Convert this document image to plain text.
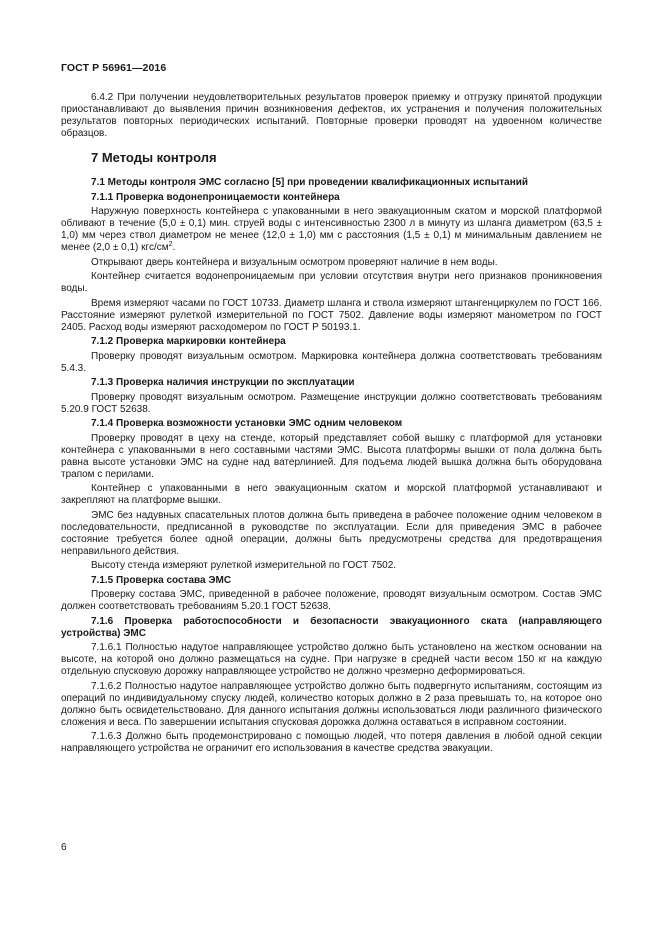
ГОСТ Р 56961—2016

6.4.2 При получении неудовлетворительных результатов проверок приемку и отгрузку принятой продукции приостанавливают до выявления причин возникновения дефектов, их устранения и получения положительных результатов повторных периодических испытаний. Повторные проверки проводят на удвоенном количестве образцов.

7 Методы контроля

7.1 Методы контроля ЭМС согласно [5] при проведении квалификационных испытаний

7.1.1 Проверка водонепроницаемости контейнера

Наружную поверхность контейнера с упакованными в него эвакуационным скатом и морской платформой обливают в течение (5,0 ± 0,1) мин. струей воды с интенсивностью 2300 л в минуту из шланга диаметром (63,5 ± 1,0) мм через ствол диаметром не менее (12,0 ± 1,0) мм с расстояния (1,5 ± 0,1) м минимальным давлением не менее (2,0 ± 0,1) кгс/$см^2$.

Открывают дверь контейнера и визуальным осмотром проверяют наличие в нем воды.

Контейнер считается водонепроницаемым при условии отсутствия внутри него признаков проникновения воды.

Время измеряют часами по ГОСТ 10733. Диаметр шланга и ствола измеряют штангенциркулем по ГОСТ 166. Расстояние измеряют рулеткой измерительной по ГОСТ 7502. Давление воды измеряют манометром по ГОСТ 2405. Расход воды измеряют расходомером по ГОСТ Р 50193.1.

7.1.2 Проверка маркировки контейнера

Проверку проводят визуальным осмотром. Маркировка контейнера должна соответствовать требованиям 5.4.3.

7.1.3 Проверка наличия инструкции по эксплуатации

Проверку проводят визуальным осмотром. Размещение инструкции должно соответствовать требованиям 5.20.9 ГОСТ 52638.

7.1.4 Проверка возможности установки ЭМС одним человеком

Проверку проводят в цеху на стенде, который представляет собой вышку с платформой для установки контейнера с упакованными в него составными частями ЭМС. Высота платформы вышки от пола должна быть равна высоте установки ЭМС на судне над ватерлинией. Для подъема людей вышка должна быть оборудована трапом с перилами.

Контейнер с упакованными в него эвакуационным скатом и морской платформой устанавливают и закрепляют на платформе вышки.

ЭМС без надувных спасательных плотов должна быть приведена в рабочее положение одним человеком в последовательности, предписанной в руководстве по эксплуатации. Если для приведения ЭМС в рабочее состояние требуется более одной операции, должны быть предусмотрены средства для предотвращения неправильного действия.

Высоту стенда измеряют рулеткой измерительной по ГОСТ 7502.

7.1.5 Проверка состава ЭМС

Проверку состава ЭМС, приведенной в рабочее положение, проводят визуальным осмотром. Состав ЭМС должен соответствовать требованиям 5.20.1 ГОСТ 52638.

7.1.6 Проверка работоспособности и безопасности эвакуационного ската (направляющего устройства) ЭМС

7.1.6.1 Полностью надутое направляющее устройство должно быть установлено на жестком основании на высоте, на которой оно должно размещаться на судне. При нагрузке в средней части весом 150 кг на каждую отдельную спусковую дорожку направляющее устройство не должно чрезмерно деформироваться.

7.1.6.2 Полностью надутое направляющее устройство должно быть подвергнуто испытаниям, состоящим из операций по индивидуальному спуску людей, количество которых должно в 2 раза превышать то, на которое оно должно быть освидетельствовано. Для данного испытания должны использоваться люди различного физического сложения и веса. По завершении испытания спусковая дорожка должна оставаться в исправном состоянии.

7.1.6.3 Должно быть продемонстрировано с помощью людей, что потеря давления в любой одной секции направляющего устройства не ограничит его использования в качестве средства эвакуации.

6
